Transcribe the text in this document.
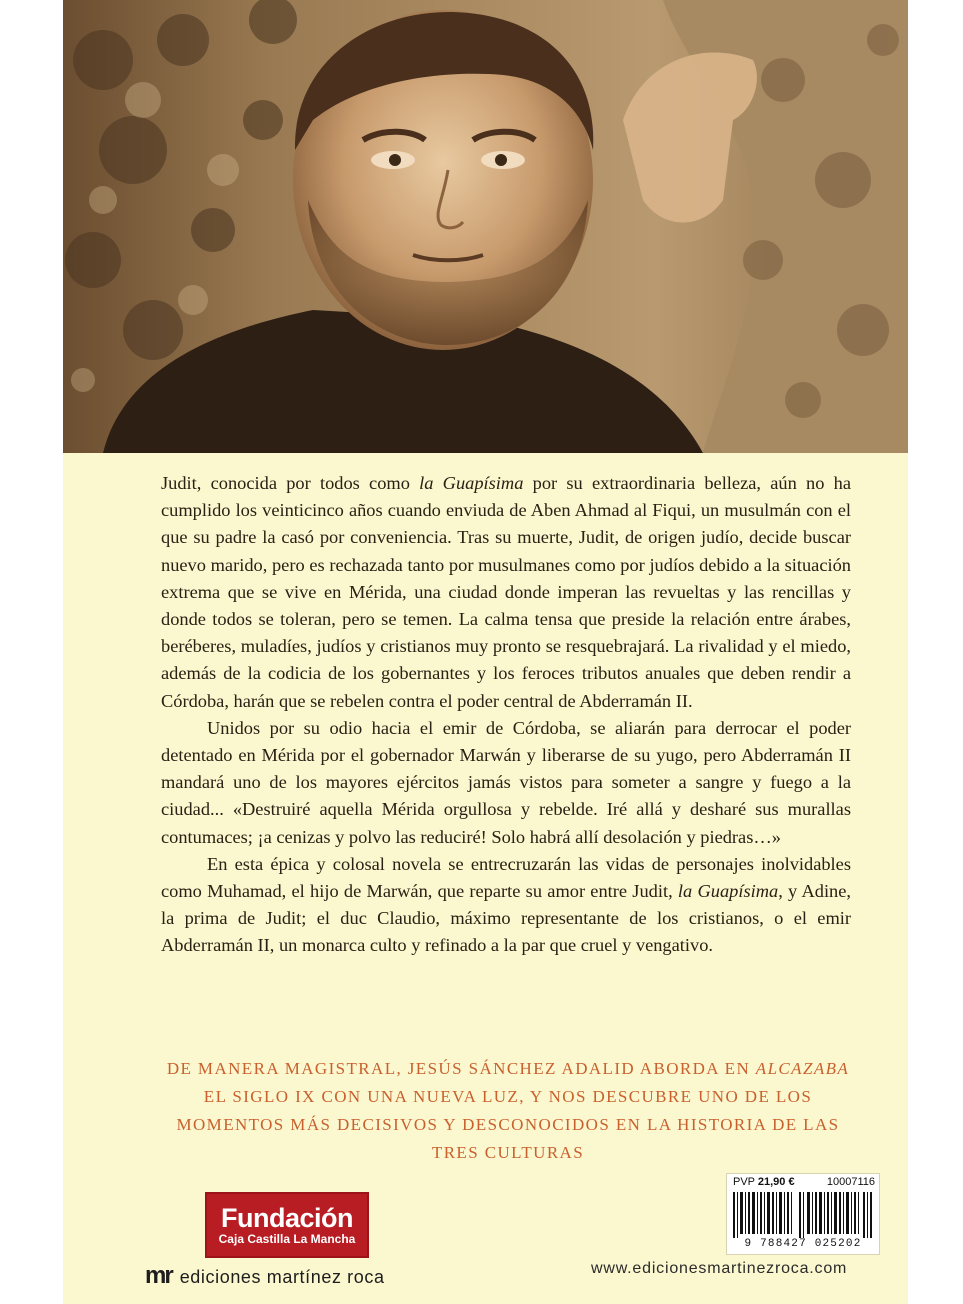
Judit, conocida por todos como la Guapísima por su extraordinaria belleza, aún no ha cumplido los veinticinco años cuando enviuda de Aben Ahmad al Fiqui, un musulmán con el que su padre la casó por conveniencia. Tras su muerte, Judit, de origen judío, decide buscar nuevo marido, pero es rechazada tanto por musulmanes como por judíos debido a la situación extrema que se vive en Mérida, una ciudad donde imperan las revueltas y las rencillas y donde todos se toleran, pero se temen. La calma tensa que preside la relación entre árabes, beréberes, muladíes, judíos y cristianos muy pronto se resquebrajará. La rivalidad y el miedo, además de la codicia de los gobernantes y los feroces tributos anuales que deben rendir a Córdoba, harán que se rebelen contra el poder central de Abderramán II.

Unidos por su odio hacia el emir de Córdoba, se aliarán para derrocar el poder detentado en Mérida por el gobernador Marwán y liberarse de su yugo, pero Abderramán II mandará uno de los mayores ejércitos jamás vistos para someter a sangre y fuego a la ciudad... «Destruiré aquella Mérida orgullosa y rebelde. Iré allá y desharé sus murallas contumaces; ¡a cenizas y polvo las reduciré! Solo habrá allí desolación y piedras…»

En esta épica y colosal novela se entrecruzarán las vidas de personajes inolvidables como Muhamad, el hijo de Marwán, que reparte su amor entre Judit, la Guapísima, y Adine, la prima de Judit; el duc Claudio, máximo representante de los cristianos, o el emir Abderramán II, un monarca culto y refinado a la par que cruel y vengativo.

DE MANERA MAGISTRAL, JESÚS SÁNCHEZ ADALID ABORDA EN ALCAZABA EL SIGLO IX CON UNA NUEVA LUZ, Y NOS DESCUBRE UNO DE LOS MOMENTOS MÁS DECISIVOS Y DESCONOCIDOS EN LA HISTORIA DE LAS TRES CULTURAS
Fundación
Caja Castilla La Mancha
mr ediciones martínez roca
PVP 21,90 €	10007116
9 788427 025202
www.edicionesmartinezroca.com
